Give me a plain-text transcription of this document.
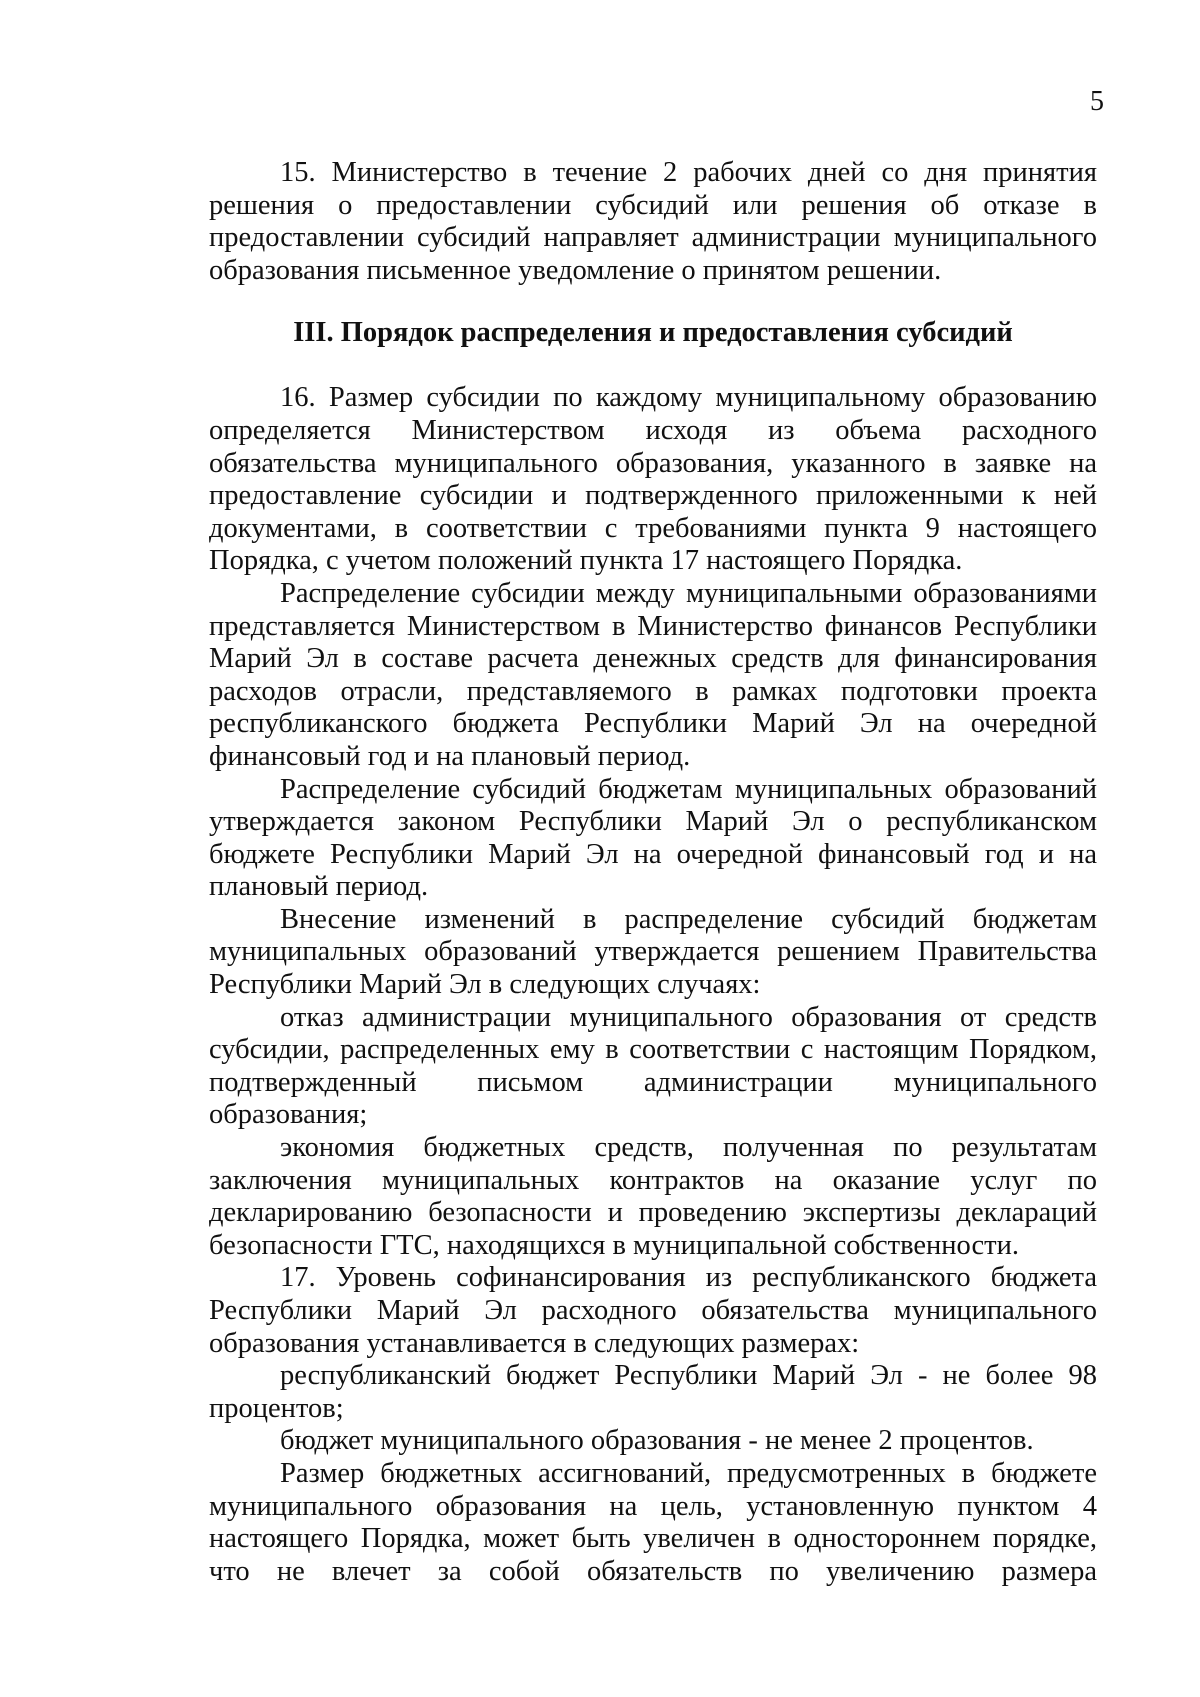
5

15. Министерство в течение 2 рабочих дней со дня принятия решения о предоставлении субсидий или решения об отказе в предоставлении субсидий направляет администрации муниципального образования письменное уведомление о принятом решении.

III. Порядок распределения и предоставления субсидий

16. Размер субсидии по каждому муниципальному образованию определяется Министерством исходя из объема расходного обязательства муниципального образования, указанного в заявке на предоставление субсидии и подтвержденного приложенными к ней документами, в соответствии с требованиями пункта 9 настоящего Порядка, с учетом положений пункта 17 настоящего Порядка.

Распределение субсидии между муниципальными образованиями представляется Министерством в Министерство финансов Республики Марий Эл в составе расчета денежных средств для финансирования расходов отрасли, представляемого в рамках подготовки проекта республиканского бюджета Республики Марий Эл на очередной финансовый год и на плановый период.

Распределение субсидий бюджетам муниципальных образований утверждается законом Республики Марий Эл о республиканском бюджете Республики Марий Эл на очередной финансовый год и на плановый период.

Внесение изменений в распределение субсидий бюджетам муниципальных образований утверждается решением Правительства Республики Марий Эл в следующих случаях:

отказ администрации муниципального образования от средств субсидии, распределенных ему в соответствии с настоящим Порядком, подтвержденный письмом администрации муниципального образования;

экономия бюджетных средств, полученная по результатам заключения муниципальных контрактов на оказание услуг по декларированию безопасности и проведению экспертизы деклараций безопасности ГТС, находящихся в муниципальной собственности.

17. Уровень софинансирования из республиканского бюджета Республики Марий Эл расходного обязательства муниципального образования устанавливается в следующих размерах:

республиканский бюджет Республики Марий Эл - не более 98 процентов;

бюджет муниципального образования - не менее 2 процентов.

Размер бюджетных ассигнований, предусмотренных в бюджете муниципального образования на цель, установленную пунктом 4 настоящего Порядка, может быть увеличен в одностороннем порядке, что не влечет за собой обязательств по увеличению размера
